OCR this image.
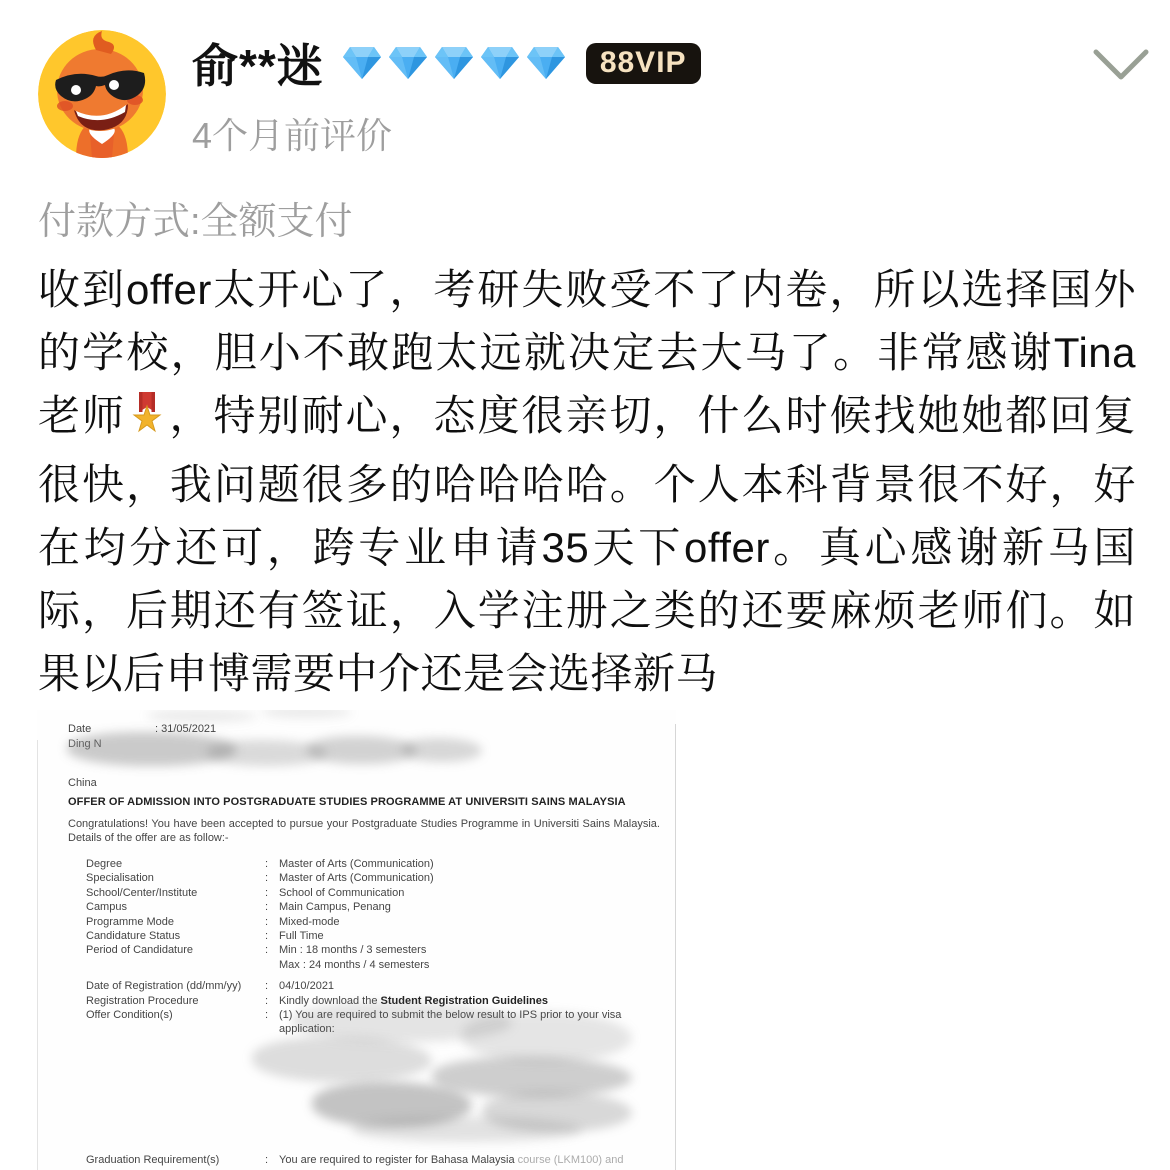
俞**迷	88VIP
4个月前评价
付款方式:全额支付
收到offer太开心了，考研失败受不了内卷，所以选择国外的学校，胆小不敢跑太远就决定去大马了。非常感谢Tina老师 ，特别耐心，态度很亲切，什么时候找她她都回复很快，我问题很多的哈哈哈哈。个人本科背景很不好，好在均分还可，跨专业申请35天下offer。真心感谢新马国际，后期还有签证，入学注册之类的还要麻烦老师们。如果以后申博需要中介还是会选择新马
Date	: 31/05/2021
Ding N
China
OFFER OF ADMISSION INTO POSTGRADUATE STUDIES PROGRAMME AT UNIVERSITI SAINS MALAYSIA
Congratulations! You have been accepted to pursue your Postgraduate Studies Programme in Universiti Sains Malaysia.
Details of the offer are as follow:-
Degree	: Master of Arts (Communication)
Specialisation	: Master of Arts (Communication)
School/Center/Institute	: School of Communication
Campus	: Main Campus, Penang
Programme Mode	: Mixed-mode
Candidature Status	: Full Time
Period of Candidature	: Min : 18 months / 3 semesters
Max : 24 months / 4 semesters
Date of Registration (dd/mm/yy)	: 04/10/2021
Registration Procedure	: Kindly download the Student Registration Guidelines
Offer Condition(s)	: (1) You are required to submit the below result to IPS prior to your visa application:
Graduation Requirement(s)	: You are required to register for Bahasa Malaysia course (LKM100) and
